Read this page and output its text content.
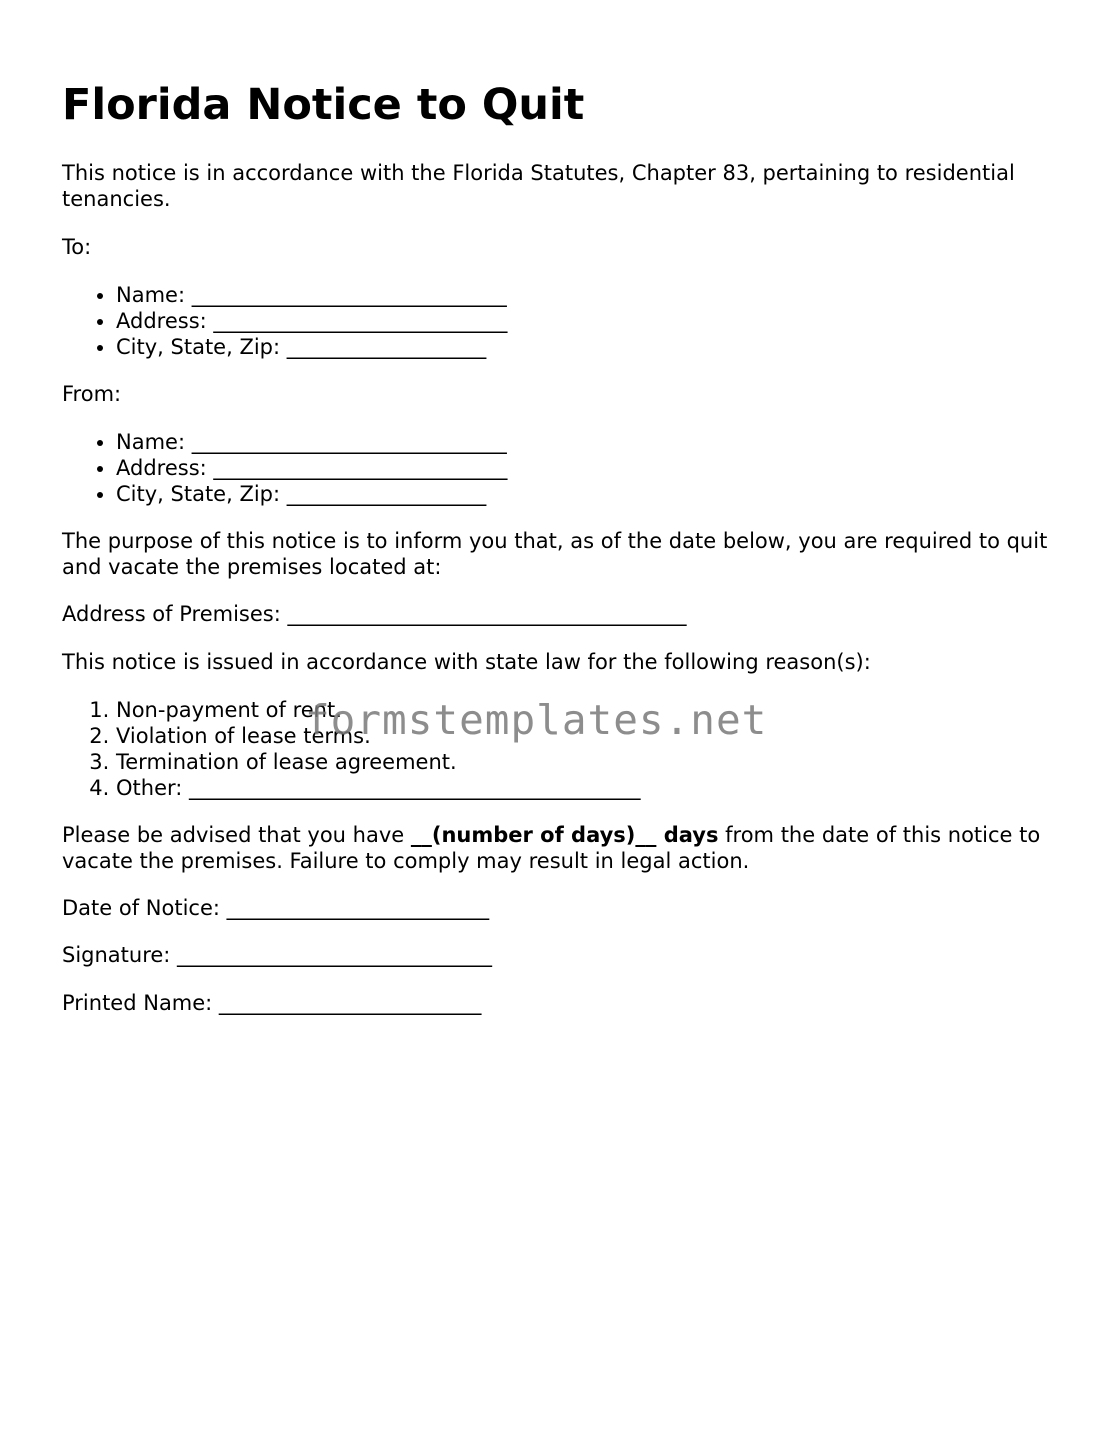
Florida Notice to Quit

This notice is in accordance with the Florida Statutes, Chapter 83, pertaining to residential tenancies.

To:

• Name: ______________________________
• Address: ____________________________
• City, State, Zip: ___________________

From:

• Name: ______________________________
• Address: ____________________________
• City, State, Zip: ___________________

The purpose of this notice is to inform you that, as of the date below, you are required to quit and vacate the premises located at:

Address of Premises: ______________________________________

This notice is issued in accordance with state law for the following reason(s):

1. Non-payment of rent.
2. Violation of lease terms.
3. Termination of lease agreement.
4. Other: ___________________________________________

Please be advised that you have __(number of days)__ days from the date of this notice to vacate the premises. Failure to comply may result in legal action.

Date of Notice: _________________________

Signature: ______________________________

Printed Name: _________________________

formstemplates.net
